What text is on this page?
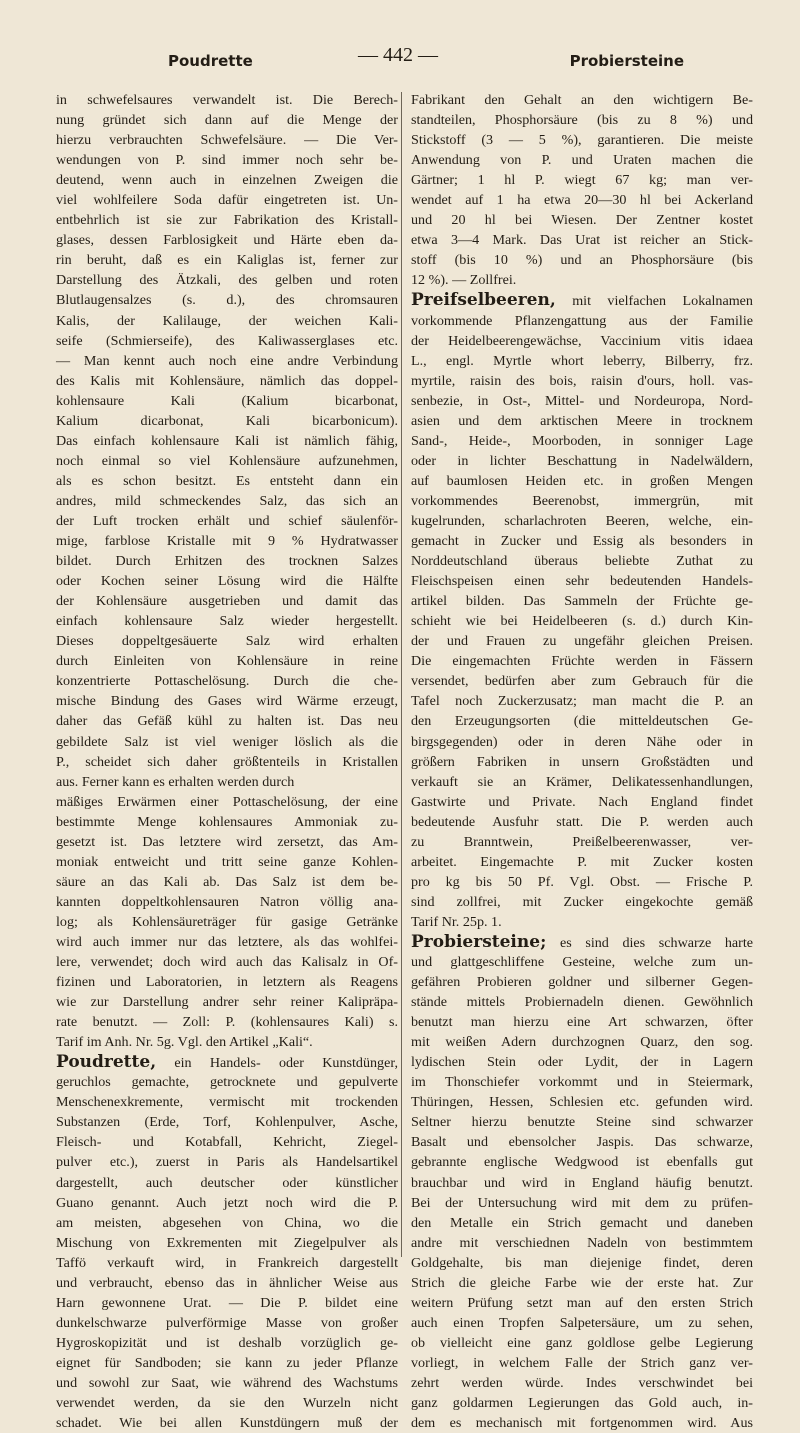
Poudrette	— 442 —	Probiersteine
in schwefelsaures verwandelt ist. Die Berech-
nung gründet sich dann auf die Menge der
hierzu verbrauchten Schwefelsäure. — Die Ver-
wendungen von P. sind immer noch sehr be-
deutend, wenn auch in einzelnen Zweigen die
viel wohlfeilere Soda dafür eingetreten ist. Un-
entbehrlich ist sie zur Fabrikation des Kristall-
glases, dessen Farblosigkeit und Härte eben da-
rin beruht, daß es ein Kaliglas ist, ferner zur
Darstellung des Ätzkali, des gelben und roten
Blutlaugensalzes (s. d.), des chromsauren
Kalis, der Kalilauge, der weichen Kali-
seife (Schmierseife), des Kaliwasserglases etc.
— Man kennt auch noch eine andre Verbindung
des Kalis mit Kohlensäure, nämlich das doppel-
kohlensaure Kali (Kalium bicarbonat,
Kalium dicarbonat, Kali bicarbonicum).
Das einfach kohlensaure Kali ist nämlich fähig,
noch einmal so viel Kohlensäure aufzunehmen,
als es schon besitzt. Es entsteht dann ein
andres, mild schmeckendes Salz, das sich an
der Luft trocken erhält und schief säulenför-
mige, farblose Kristalle mit 9 % Hydratwasser
bildet. Durch Erhitzen des trocknen Salzes
oder Kochen seiner Lösung wird die Hälfte
der Kohlensäure ausgetrieben und damit das
einfach kohlensaure Salz wieder hergestellt.
Dieses doppeltgesäuerte Salz wird erhalten
durch Einleiten von Kohlensäure in reine
konzentrierte Pottaschelösung. Durch die che-
mische Bindung des Gases wird Wärme erzeugt,
daher das Gefäß kühl zu halten ist. Das neu
gebildete Salz ist viel weniger löslich als die
P., scheidet sich daher größtenteils in Kristallen
aus. Ferner kann es erhalten werden durch
mäßiges Erwärmen einer Pottaschelösung, der eine
bestimmte Menge kohlensaures Ammoniak zu-
gesetzt ist. Das letztere wird zersetzt, das Am-
moniak entweicht und tritt seine ganze Kohlen-
säure an das Kali ab. Das Salz ist dem be-
kannten doppeltkohlensauren Natron völlig ana-
log; als Kohlensäureträger für gasige Getränke
wird auch immer nur das letztere, als das wohlfei-
lere, verwendet; doch wird auch das Kalisalz in Of-
fizinen und Laboratorien, in letztern als Reagens
wie zur Darstellung andrer sehr reiner Kalipräpa-
rate benutzt. — Zoll: P. (kohlensaures Kali) s.
Tarif im Anh. Nr. 5g. Vgl. den Artikel „Kali“.
Poudrette, ein Handels- oder Kunstdünger,
geruchlos gemachte, getrocknete und gepulverte
Menschenexkremente, vermischt mit trockenden
Substanzen (Erde, Torf, Kohlenpulver, Asche,
Fleisch- und Kotabfall, Kehricht, Ziegel-
pulver etc.), zuerst in Paris als Handelsartikel
dargestellt, auch deutscher oder künstlicher
Guano genannt. Auch jetzt noch wird die P.
am meisten, abgesehen von China, wo die
Mischung von Exkrementen mit Ziegelpulver als
Taffö verkauft wird, in Frankreich dargestellt
und verbraucht, ebenso das in ähnlicher Weise aus
Harn gewonnene Urat. — Die P. bildet eine
dunkelschwarze pulverförmige Masse von großer
Hygroskopizität und ist deshalb vorzüglich ge-
eignet für Sandboden; sie kann zu jeder Pflanze
und sowohl zur Saat, wie während des Wachstums
verwendet werden, da sie den Wurzeln nicht
schadet. Wie bei allen Kunstdüngern muß der
Fabrikant den Gehalt an den wichtigern Be-
standteilen, Phosphorsäure (bis zu 8 %) und
Stickstoff (3 — 5 %), garantieren. Die meiste
Anwendung von P. und Uraten machen die
Gärtner; 1 hl P. wiegt 67 kg; man ver-
wendet auf 1 ha etwa 20—30 hl bei Ackerland
und 20 hl bei Wiesen. Der Zentner kostet
etwa 3—4 Mark. Das Urat ist reicher an Stick-
stoff (bis 10 %) und an Phosphorsäure (bis
12 %). — Zollfrei.
Preifselbeeren, mit vielfachen Lokalnamen
vorkommende Pflanzengattung aus der Familie
der Heidelbeerengewächse, Vaccinium vitis idaea
L., engl. Myrtle whort leberry, Bilberry, frz.
myrtile, raisin des bois, raisin d'ours, holl. vas-
senbezie, in Ost-, Mittel- und Nordeuropa, Nord-
asien und dem arktischen Meere in trocknem
Sand-, Heide-, Moorboden, in sonniger Lage
oder in lichter Beschattung in Nadelwäldern,
auf baumlosen Heiden etc. in großen Mengen
vorkommendes Beerenobst, immergrün, mit
kugelrunden, scharlachroten Beeren, welche, ein-
gemacht in Zucker und Essig als besonders in
Norddeutschland überaus beliebte Zuthat zu
Fleischspeisen einen sehr bedeutenden Handels-
artikel bilden. Das Sammeln der Früchte ge-
schieht wie bei Heidelbeeren (s. d.) durch Kin-
der und Frauen zu ungefähr gleichen Preisen.
Die eingemachten Früchte werden in Fässern
versendet, bedürfen aber zum Gebrauch für die
Tafel noch Zuckerzusatz; man macht die P. an
den Erzeugungsorten (die mitteldeutschen Ge-
birgsgegenden) oder in deren Nähe oder in
größern Fabriken in unsern Großstädten und
verkauft sie an Krämer, Delikatessenhandlungen,
Gastwirte und Private. Nach England findet
bedeutende Ausfuhr statt. Die P. werden auch
zu Branntwein, Preißelbeerenwasser, ver-
arbeitet. Eingemachte P. mit Zucker kosten
pro kg bis 50 Pf. Vgl. Obst. — Frische P.
sind zollfrei, mit Zucker eingekochte gemäß
Tarif Nr. 25p. 1.
Probiersteine; es sind dies schwarze harte
und glattgeschliffene Gesteine, welche zum un-
gefähren Probieren goldner und silberner Gegen-
stände mittels Probiernadeln dienen. Gewöhnlich
benutzt man hierzu eine Art schwarzen, öfter
mit weißen Adern durchzognen Quarz, den sog.
lydischen Stein oder Lydit, der in Lagern
im Thonschiefer vorkommt und in Steiermark,
Thüringen, Hessen, Schlesien etc. gefunden wird.
Seltner hierzu benutzte Steine sind schwarzer
Basalt und ebensolcher Jaspis. Das schwarze,
gebrannte englische Wedgwood ist ebenfalls gut
brauchbar und wird in England häufig benutzt.
Bei der Untersuchung wird mit dem zu prüfen-
den Metalle ein Strich gemacht und daneben
andre mit verschiednen Nadeln von bestimmtem
Goldgehalte, bis man diejenige findet, deren
Strich die gleiche Farbe wie der erste hat. Zur
weitern Prüfung setzt man auf den ersten Strich
auch einen Tropfen Salpetersäure, um zu sehen,
ob vielleicht eine ganz goldlose gelbe Legierung
vorliegt, in welchem Falle der Strich ganz ver-
zehrt werden würde. Indes verschwindet bei
ganz goldarmen Legierungen das Gold auch, in-
dem es mechanisch mit fortgenommen wird. Aus
